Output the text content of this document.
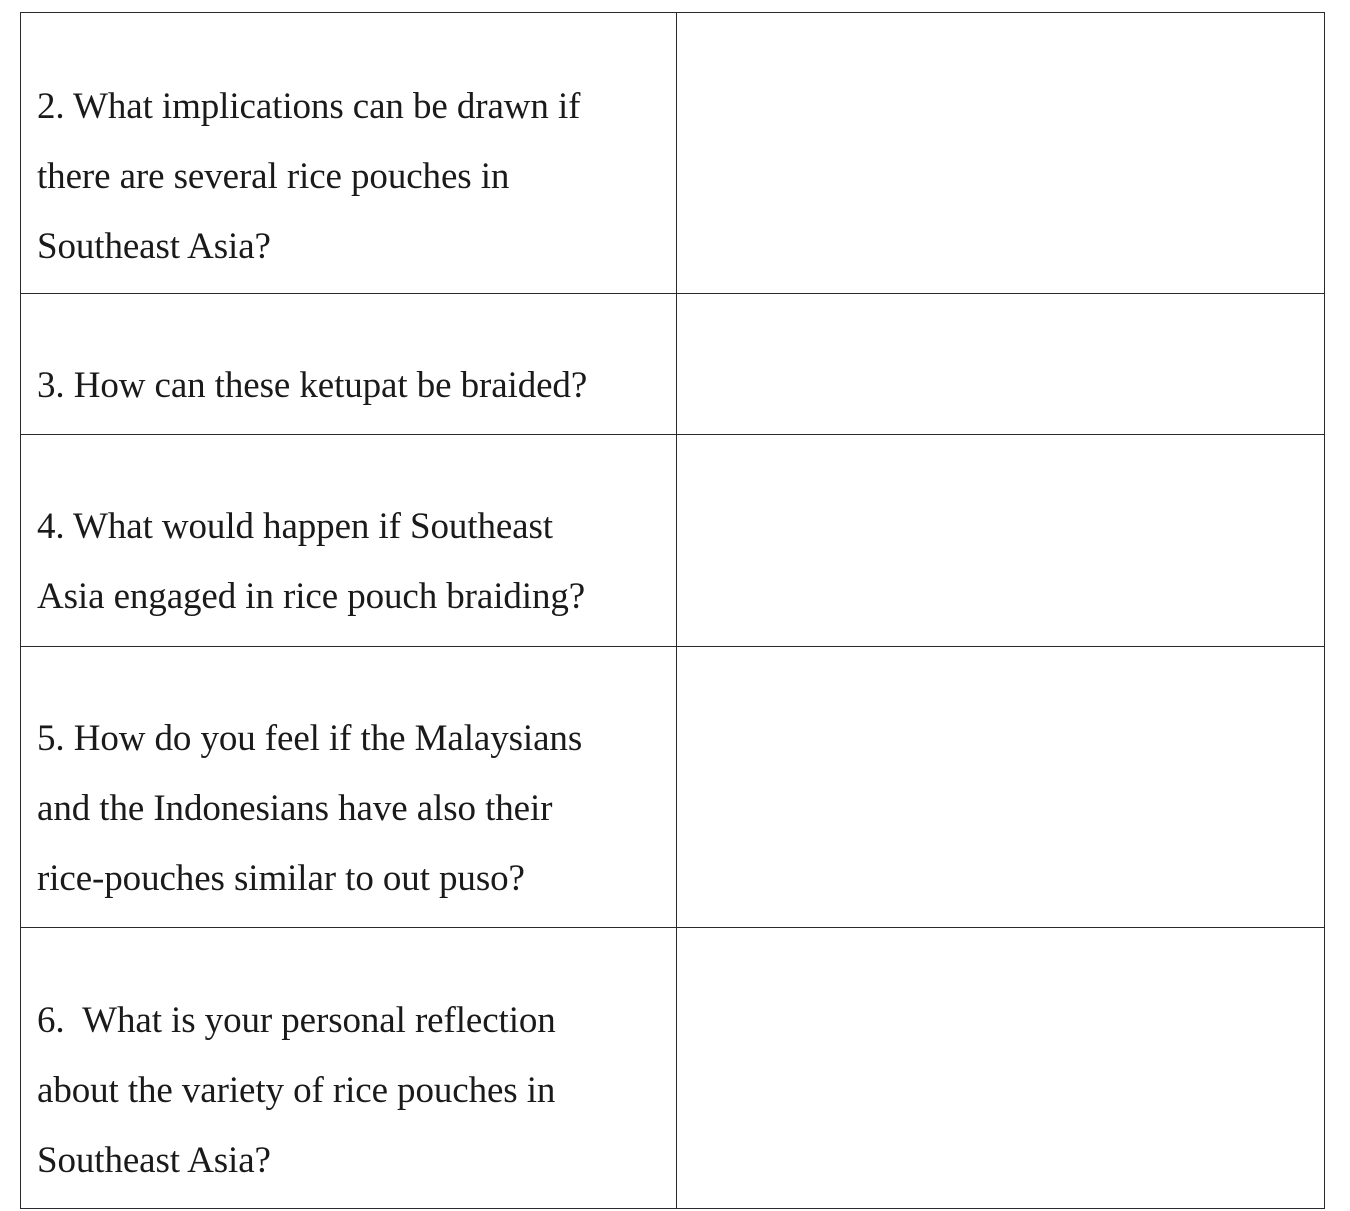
2. What implications can be drawn if
there are several rice pouches in
Southeast Asia?	

3. How can these ketupat be braided?	

4. What would happen if Southeast
Asia engaged in rice pouch braiding?	

5. How do you feel if the Malaysians
and the Indonesians have also their
rice-pouches similar to out puso?	

6.  What is your personal reflection
about the variety of rice pouches in
Southeast Asia?	
